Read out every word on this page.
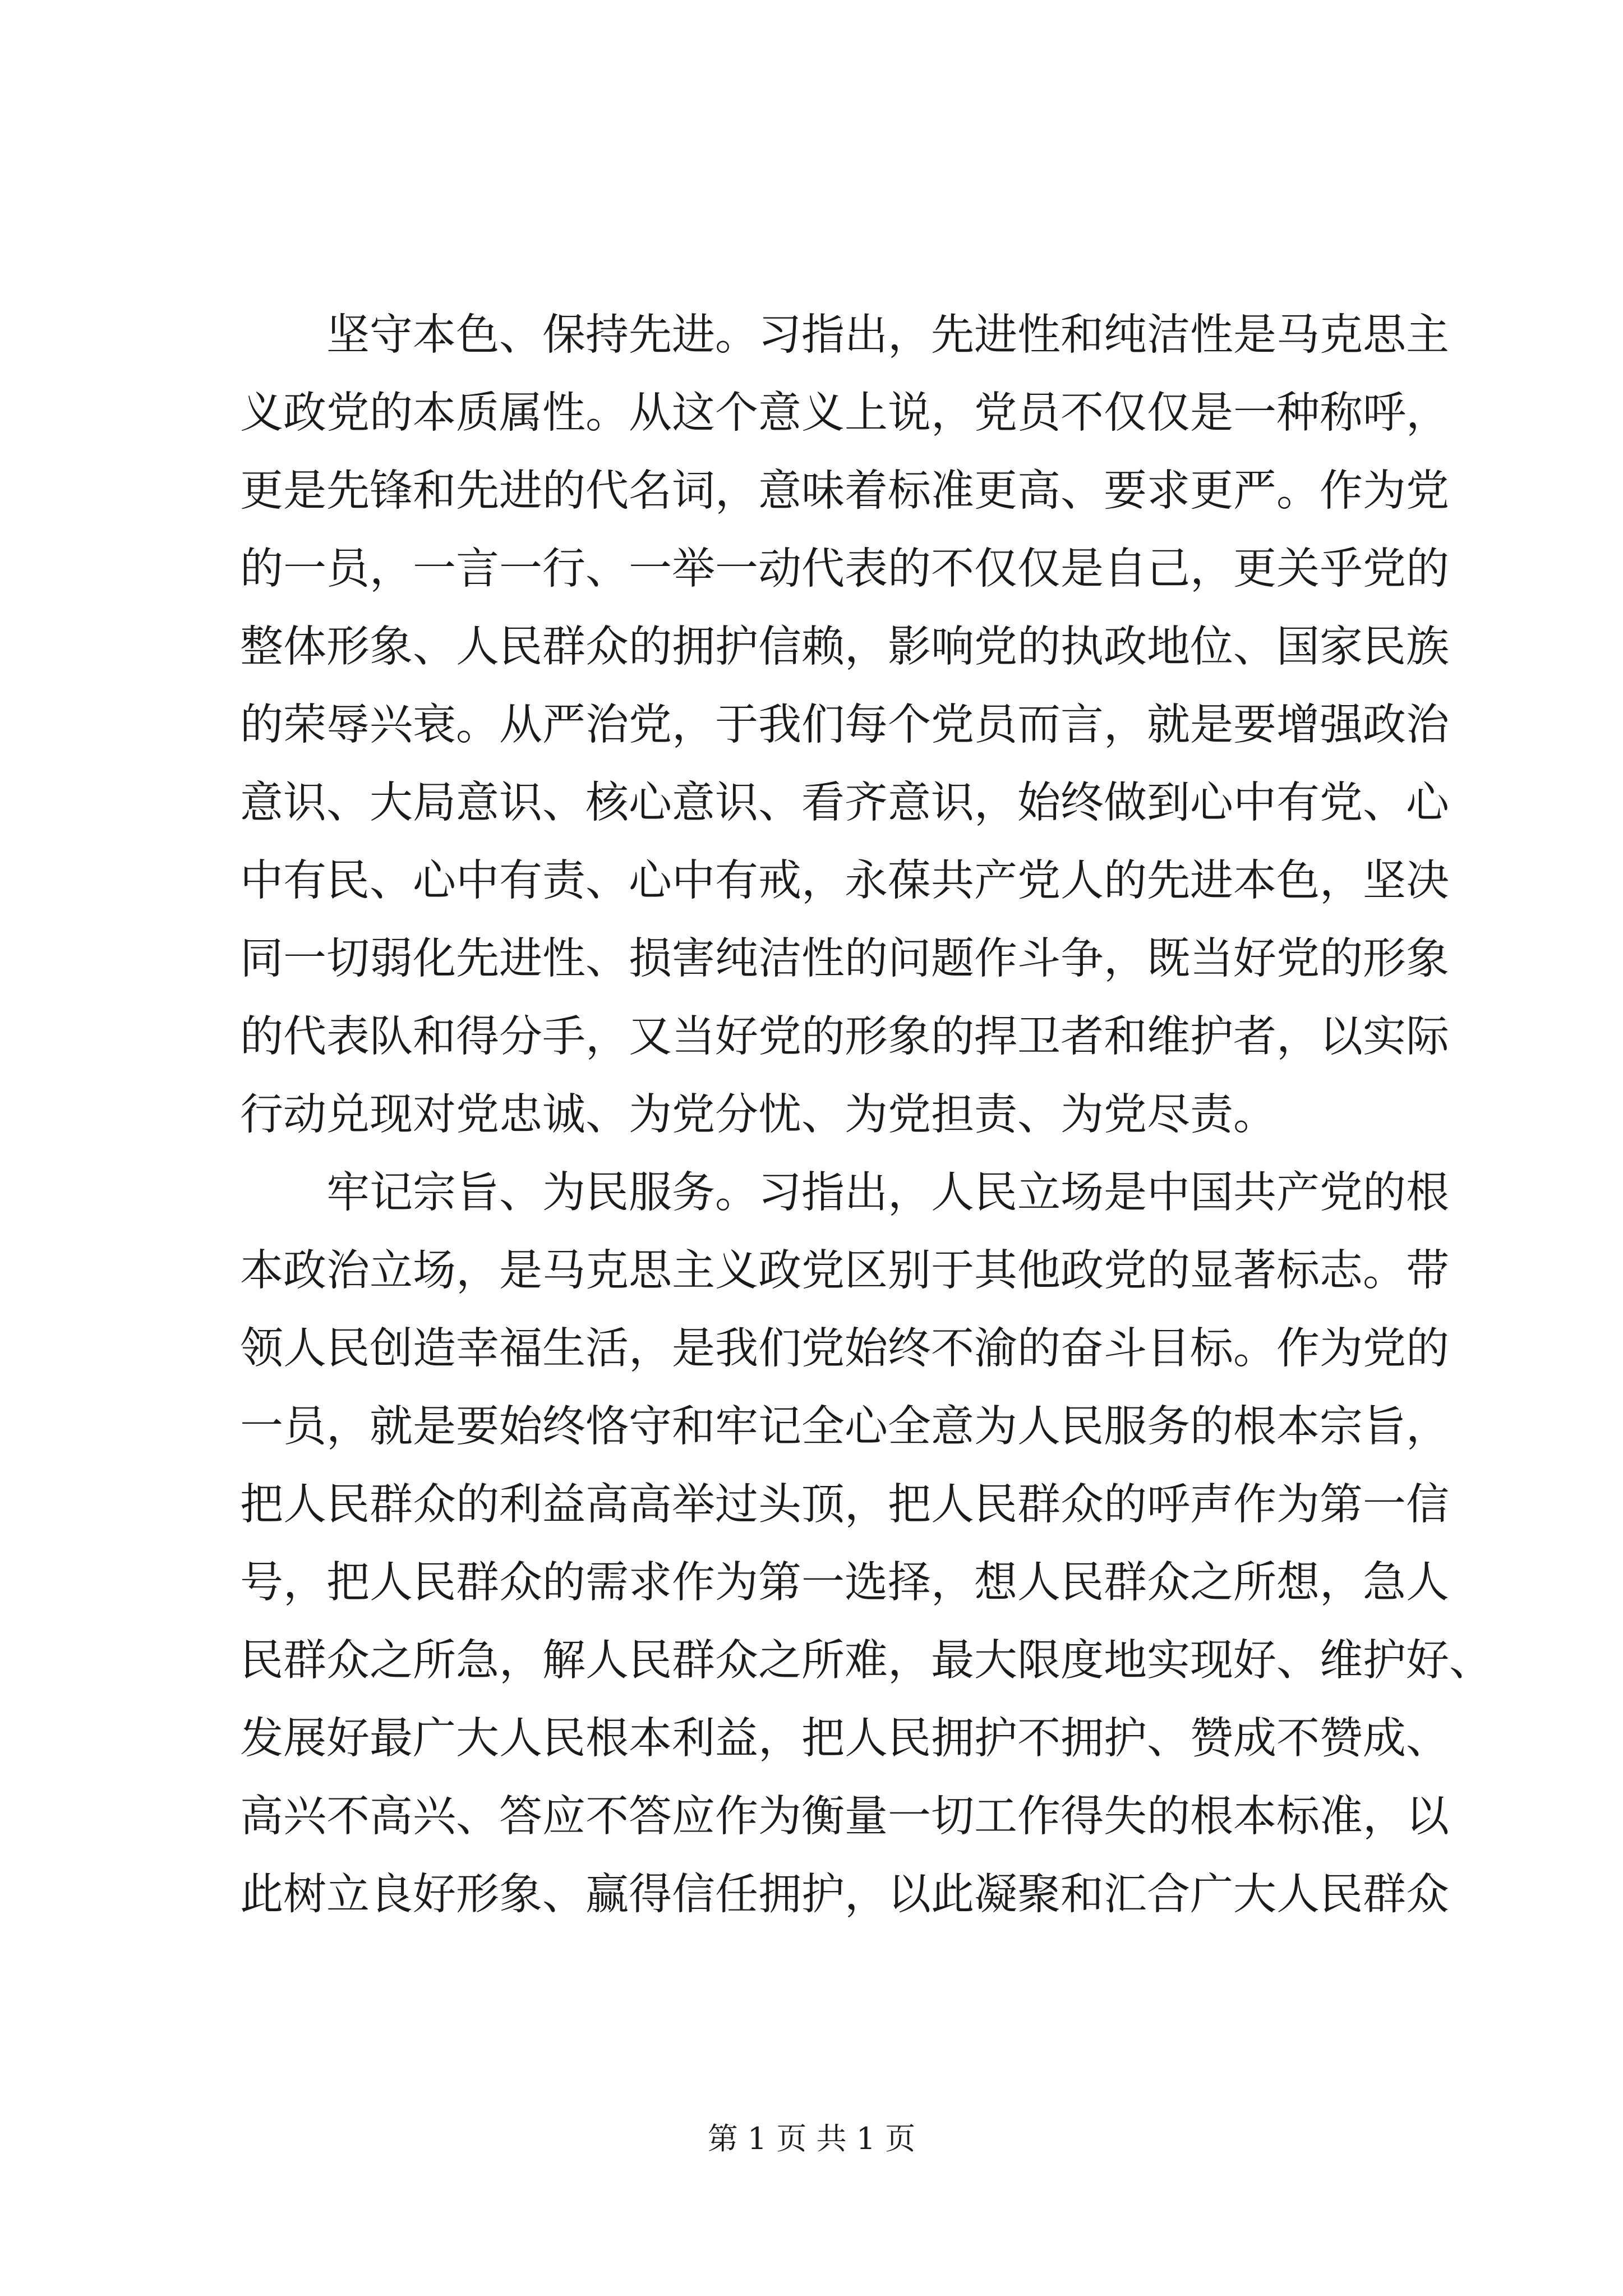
坚守本色、保持先进。习指出，先进性和纯洁性是马克思主
义政党的本质属性。从这个意义上说，党员不仅仅是一种称呼，
更是先锋和先进的代名词，意味着标准更高、要求更严。作为党
的一员，一言一行、一举一动代表的不仅仅是自己，更关乎党的
整体形象、人民群众的拥护信赖，影响党的执政地位、国家民族
的荣辱兴衰。从严治党，于我们每个党员而言，就是要增强政治
意识、大局意识、核心意识、看齐意识，始终做到心中有党、心
中有民、心中有责、心中有戒，永葆共产党人的先进本色，坚决
同一切弱化先进性、损害纯洁性的问题作斗争，既当好党的形象
的代表队和得分手，又当好党的形象的捍卫者和维护者，以实际
行动兑现对党忠诚、为党分忧、为党担责、为党尽责。
牢记宗旨、为民服务。习指出，人民立场是中国共产党的根
本政治立场，是马克思主义政党区别于其他政党的显著标志。带
领人民创造幸福生活，是我们党始终不渝的奋斗目标。作为党的
一员，就是要始终恪守和牢记全心全意为人民服务的根本宗旨，
把人民群众的利益高高举过头顶，把人民群众的呼声作为第一信
号，把人民群众的需求作为第一选择，想人民群众之所想，急人
民群众之所急，解人民群众之所难，最大限度地实现好、维护好、
发展好最广大人民根本利益，把人民拥护不拥护、赞成不赞成、
高兴不高兴、答应不答应作为衡量一切工作得失的根本标准，以
此树立良好形象、赢得信任拥护，以此凝聚和汇合广大人民群众
第 1 页 共 1 页
